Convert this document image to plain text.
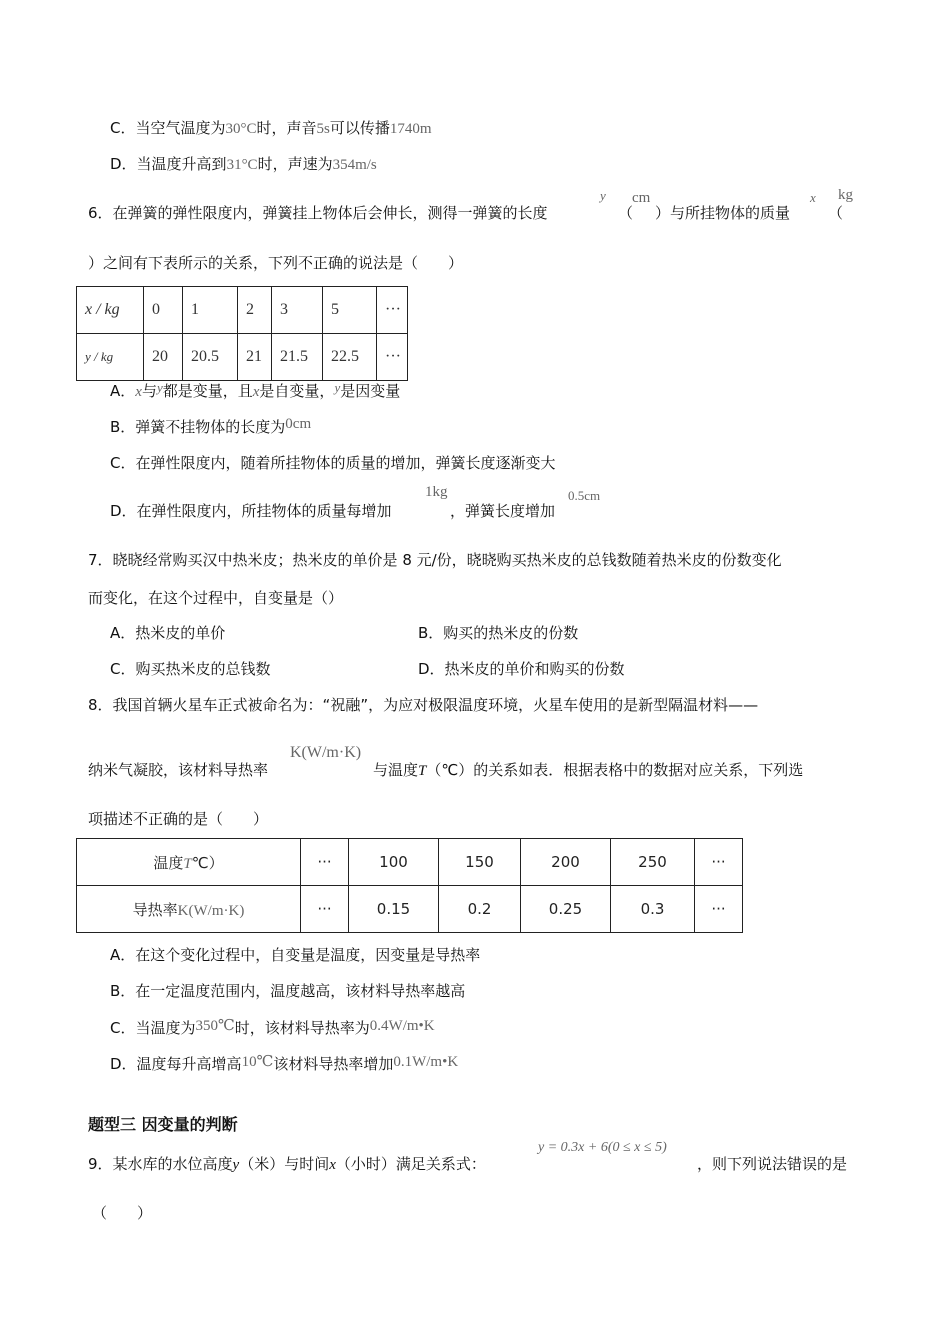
C．当空气温度为30°C时，声音5s可以传播1740m
D．当温度升高到31°C时，声速为354m/s
6．在弹簧的弹性限度内，弹簧挂上物体后会伸长，测得一弹簧的长度
y
（
cm
）与所挂物体的质量
x
（
kg
）之间有下表所示的关系，下列不正确的说法是（　　）
x / kg	0	1	2	3	5	···
y / kg	20	20.5	21	21.5	22.5	···
A．x与y都是变量，且x是自变量，y是因变量
B．弹簧不挂物体的长度为0cm
C．在弹性限度内，随着所挂物体的质量的增加，弹簧长度逐渐变大
D．在弹性限度内，所挂物体的质量每增加
1kg
，弹簧长度增加
0.5cm
7．晓晓经常购买汉中热米皮；热米皮的单价是 8 元/份，晓晓购买热米皮的总钱数随着热米皮的份数变化
而变化，在这个过程中，自变量是（）
A．热米皮的单价	B．购买的热米皮的份数
C．购买热米皮的总钱数	D．热米皮的单价和购买的份数
8．我国首辆火星车正式被命名为：“祝融”，为应对极限温度环境，火星车使用的是新型隔温材料——
纳米气凝胶，该材料导热率
K(W/m·K)
与温度T（℃）的关系如表．根据表格中的数据对应关系，下列选
项描述不正确的是（　　）
温度T℃）	···	100	150	200	250	···
导热率K(W/m·K)	···	0.15	0.2	0.25	0.3	···
A．在这个变化过程中，自变量是温度，因变量是导热率
B．在一定温度范围内，温度越高，该材料导热率越高
C．当温度为350℃时，该材料导热率为0.4W/m•K
D．温度每升高增高10℃该材料导热率增加0.1W/m•K
题型三 因变量的判断
9．某水库的水位高度y（米）与时间x（小时）满足关系式：
y = 0.3x + 6(0 ≤ x ≤ 5)
，则下列说法错误的是
（　　）
